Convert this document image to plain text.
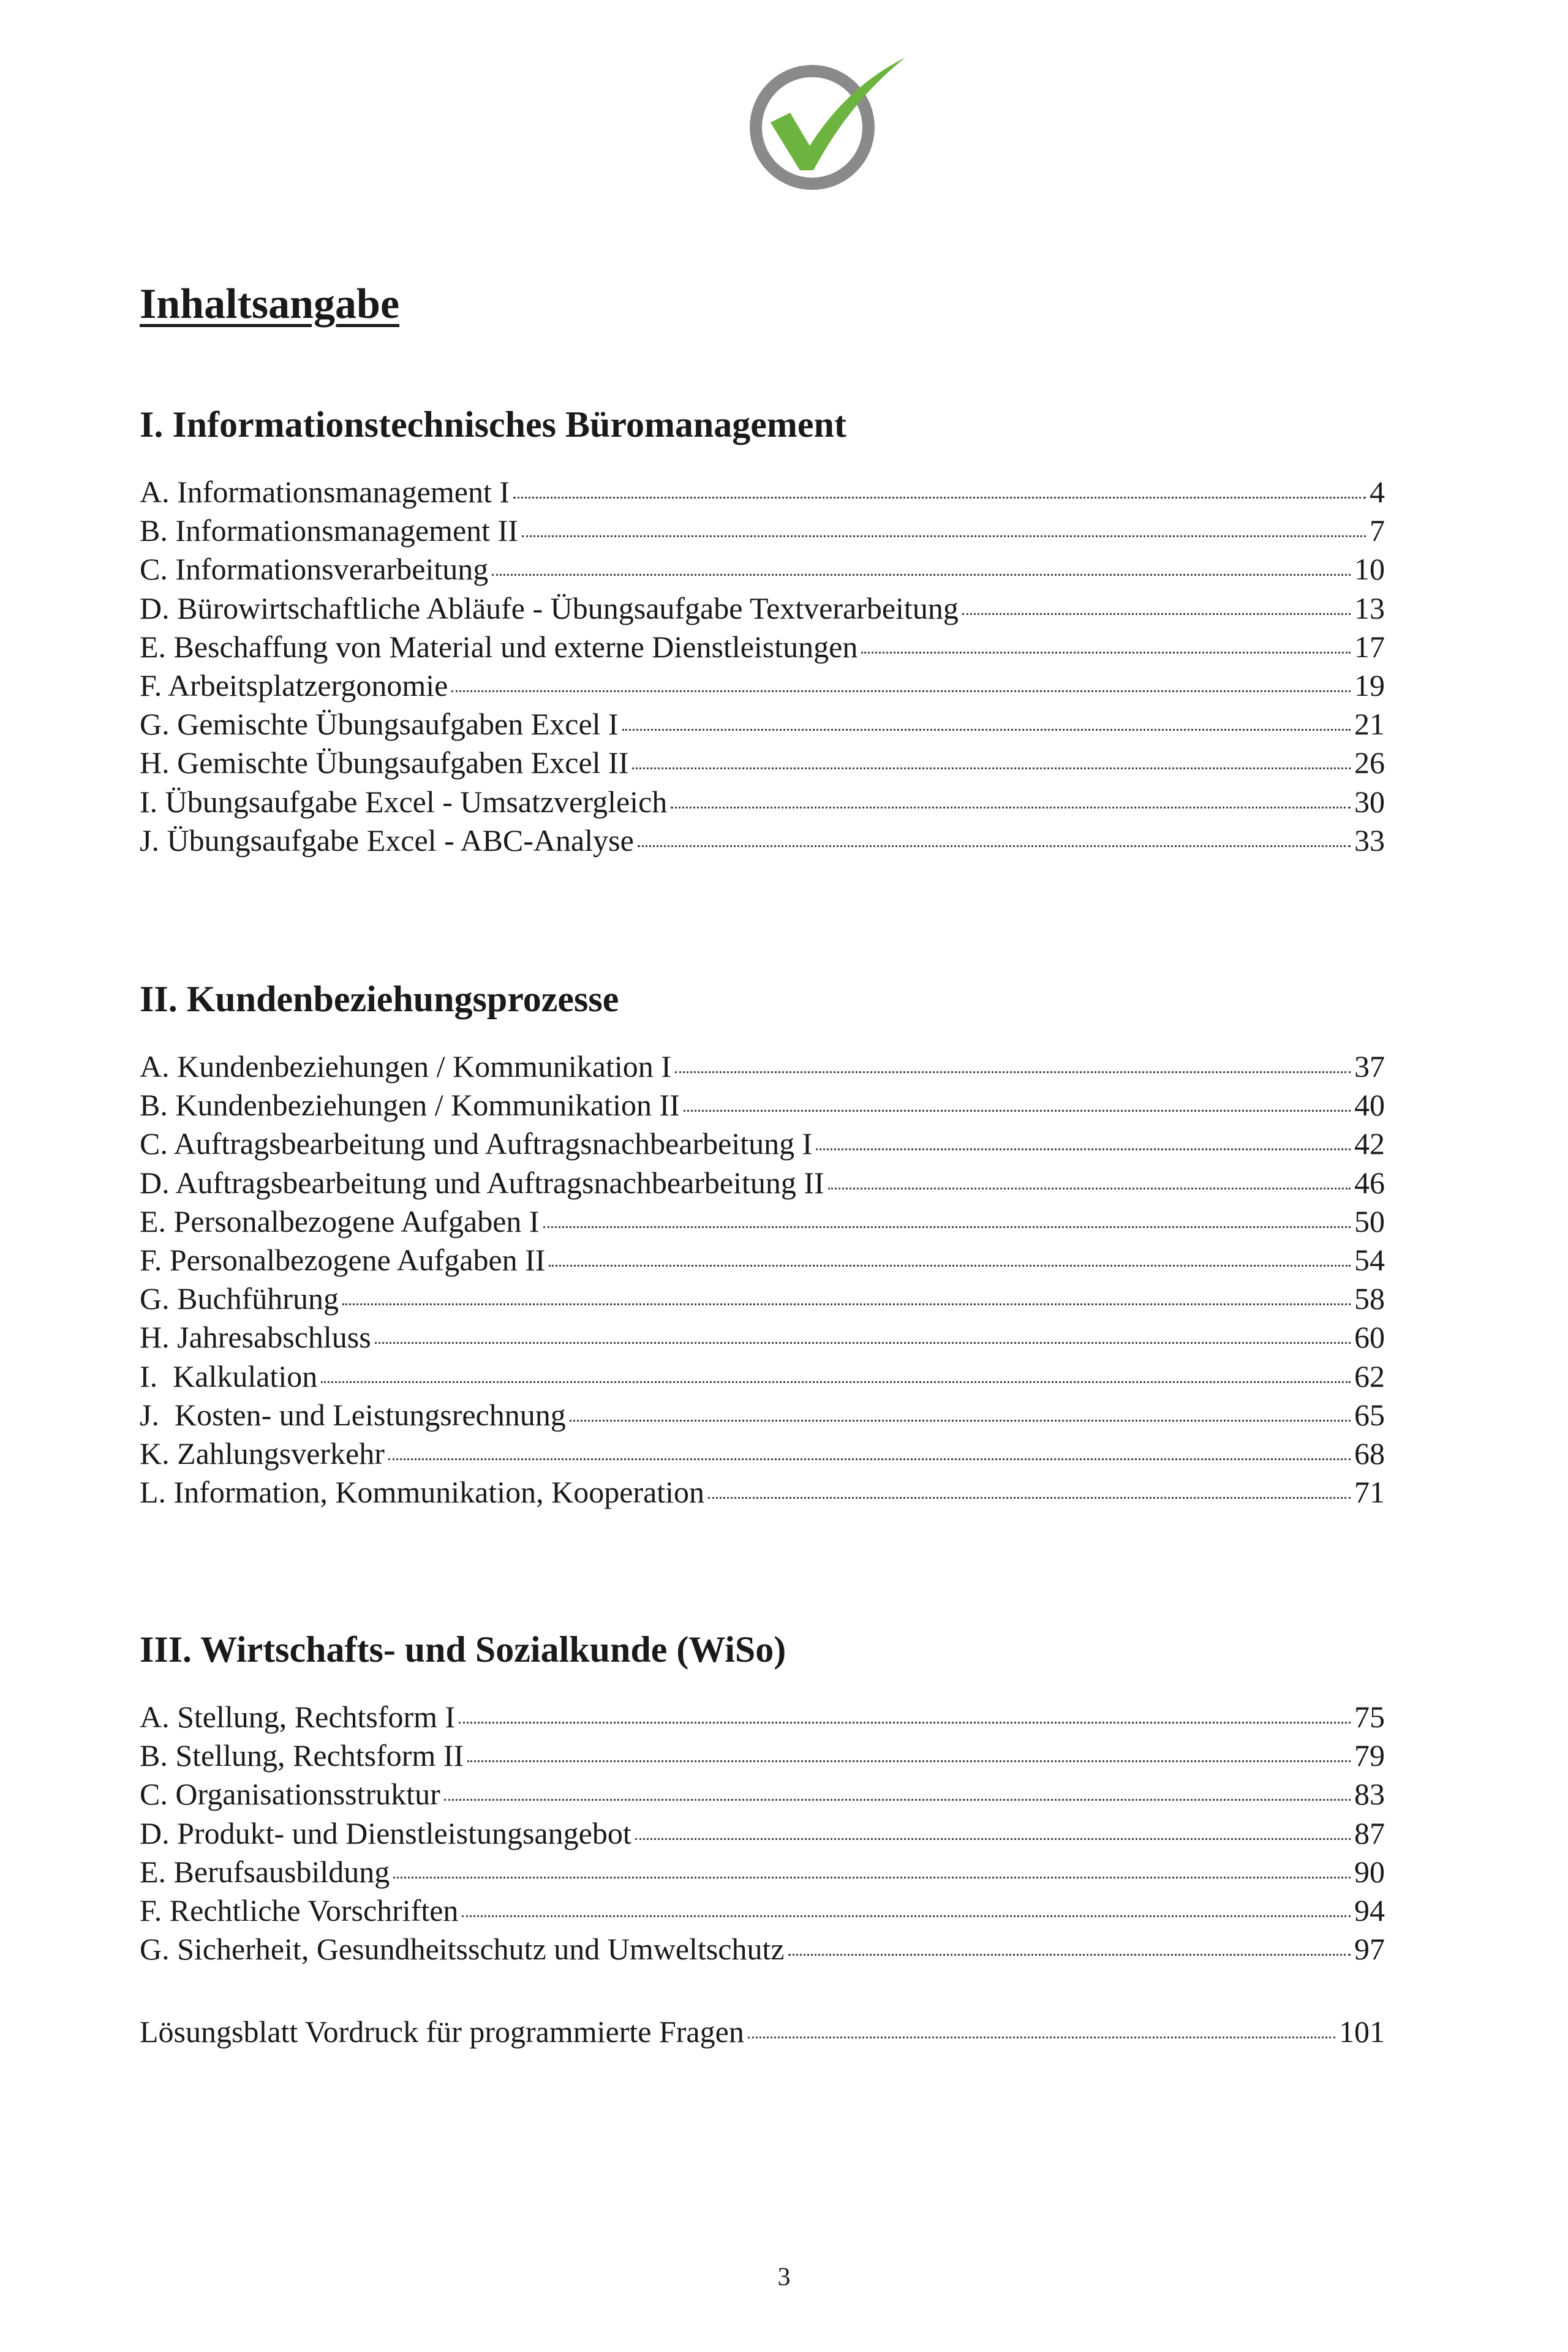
Inhaltsangabe
I. Informationstechnisches Büromanagement
A. Informationsmanagement I	4
B. Informationsmanagement II	7
C. Informationsverarbeitung	10
D. Bürowirtschaftliche Abläufe - Übungsaufgabe Textverarbeitung	13
E. Beschaffung von Material und externe Dienstleistungen	17
F. Arbeitsplatzergonomie	19
G. Gemischte Übungsaufgaben Excel I	21
H. Gemischte Übungsaufgaben Excel II	26
I. Übungsaufgabe Excel - Umsatzvergleich	30
J. Übungsaufgabe Excel - ABC-Analyse	33
II. Kundenbeziehungsprozesse
A. Kundenbeziehungen / Kommunikation I	37
B. Kundenbeziehungen / Kommunikation II	40
C. Auftragsbearbeitung und Auftragsnachbearbeitung I	42
D. Auftragsbearbeitung und Auftragsnachbearbeitung II	46
E. Personalbezogene Aufgaben I	50
F. Personalbezogene Aufgaben II	54
G. Buchführung	58
H. Jahresabschluss	60
I.  Kalkulation	62
J.  Kosten- und Leistungsrechnung	65
K. Zahlungsverkehr	68
L. Information, Kommunikation, Kooperation	71
III. Wirtschafts- und Sozialkunde (WiSo)
A. Stellung, Rechtsform I	75
B. Stellung, Rechtsform II	79
C. Organisationsstruktur	83
D. Produkt- und Dienstleistungsangebot	87
E. Berufsausbildung	90
F. Rechtliche Vorschriften	94
G. Sicherheit, Gesundheitsschutz und Umweltschutz	97
Lösungsblatt Vordruck für programmierte Fragen	101
3
